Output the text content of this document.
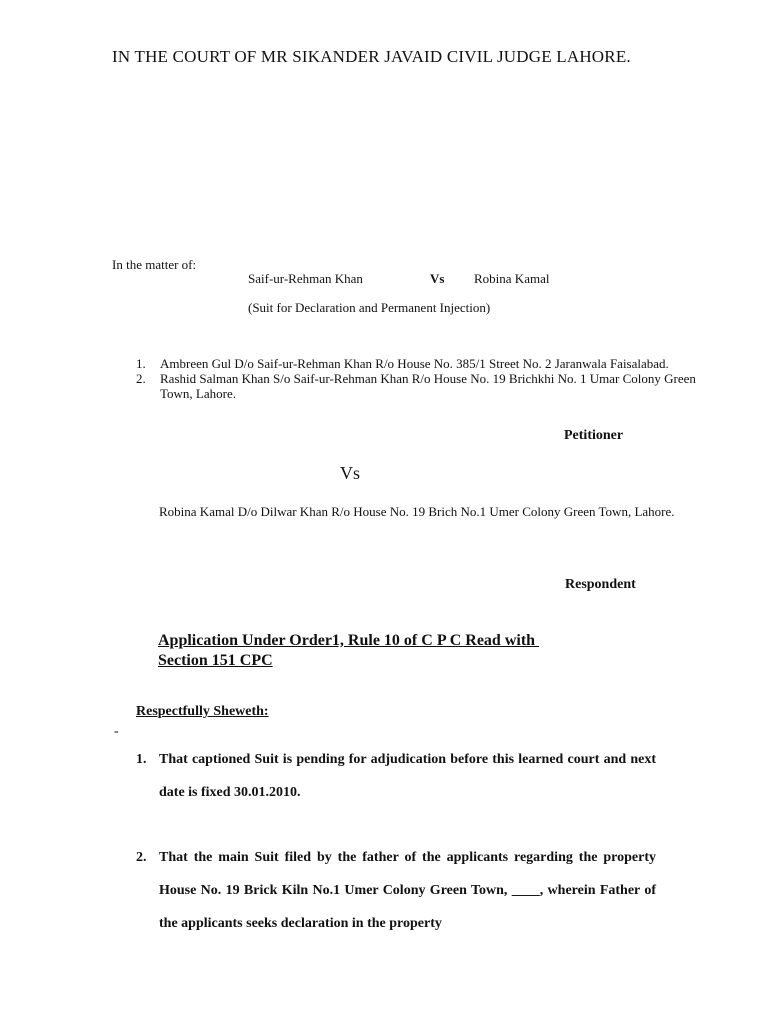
IN THE COURT OF MR SIKANDER JAVAID CIVIL JUDGE LAHORE.
In the matter of:
Saif-ur-Rehman Khan	Vs Robina Kamal
(Suit for Declaration and Permanent Injection)
1. Ambreen Gul D/o Saif-ur-Rehman Khan R/o House No. 385/1 Street No. 2 Jaranwala Faisalabad.
2. Rashid Salman Khan S/o Saif-ur-Rehman Khan R/o House No. 19 Brichkhi No. 1 Umar Colony Green Town, Lahore.
Petitioner
Vs
Robina Kamal D/o Dilwar Khan R/o House No. 19 Brich No.1 Umer Colony Green Town, Lahore.
Respondent
Application Under Order1, Rule 10 of C P C Read with
Section 151 CPC
Respectfully Sheweth:
-
1. That captioned Suit is pending for adjudication before this learned court and next date is fixed 30.01.2010.
2. That the main Suit filed by the father of the applicants regarding the property House No. 19 Brick Kiln No.1 Umer Colony Green Town, ____, wherein Father of the applicants seeks declaration in the property
